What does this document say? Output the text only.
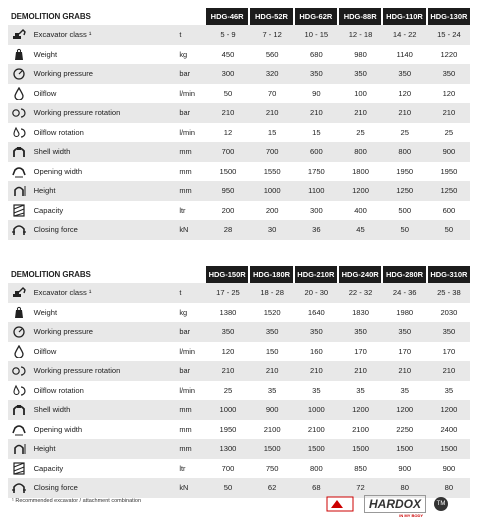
DEMOLITION GRABS	HDG-46R	HDG-52R	HDG-62R	HDG-88R	HDG-110R HDG-130R
Excavator class ¹	t	5 - 9	7 - 12	10 - 15	12 - 18	14 - 22	15 - 24
Weight	kg	450	560	680	980	1140	1220
Working pressure	bar	300	320	350	350	350	350
Oilflow	l/min	50	70	90	100	120	120
Working pressure rotation	bar	210	210	210	210	210	210
Oilflow rotation	l/min	12	15	15	25	25	25
Shell width	mm	700	700	600	800	800	900
Opening width	mm	1500	1550	1750	1800	1950	1950
Height	mm	950	1000	1100	1200	1250	1250
Capacity	ltr	200	200	300	400	500	600
Closing force	kN	28	30	36	45	50	50
DEMOLITION GRABS	HDG-150R HDG-180R HDG-210R HDG-240R HDG-280R HDG-310R
Excavator class ¹	t	17 - 25	18 - 28	20 - 30	22 - 32	24 - 36	25 - 38
Weight	kg	1380	1520	1640	1830	1980	2030
Working pressure	bar	350	350	350	350	350	350
Oilflow	l/min	120	150	160	170	170	170
Working pressure rotation	bar	210	210	210	210	210	210
Oilflow rotation	l/min	25	35	35	35	35	35
Shell width	mm	1000	900	1000	1200	1200	1200
Opening width	mm	1950	2100	2100	2100	2250	2400
Height	mm	1300	1500	1500	1500	1500	1500
Capacity	ltr	700	750	800	850	900	900
Closing force	kN	50	62	68	72	80	80
¹ Recommended excavator / attachment combination	HARDOX
IN MY BODY
TM
